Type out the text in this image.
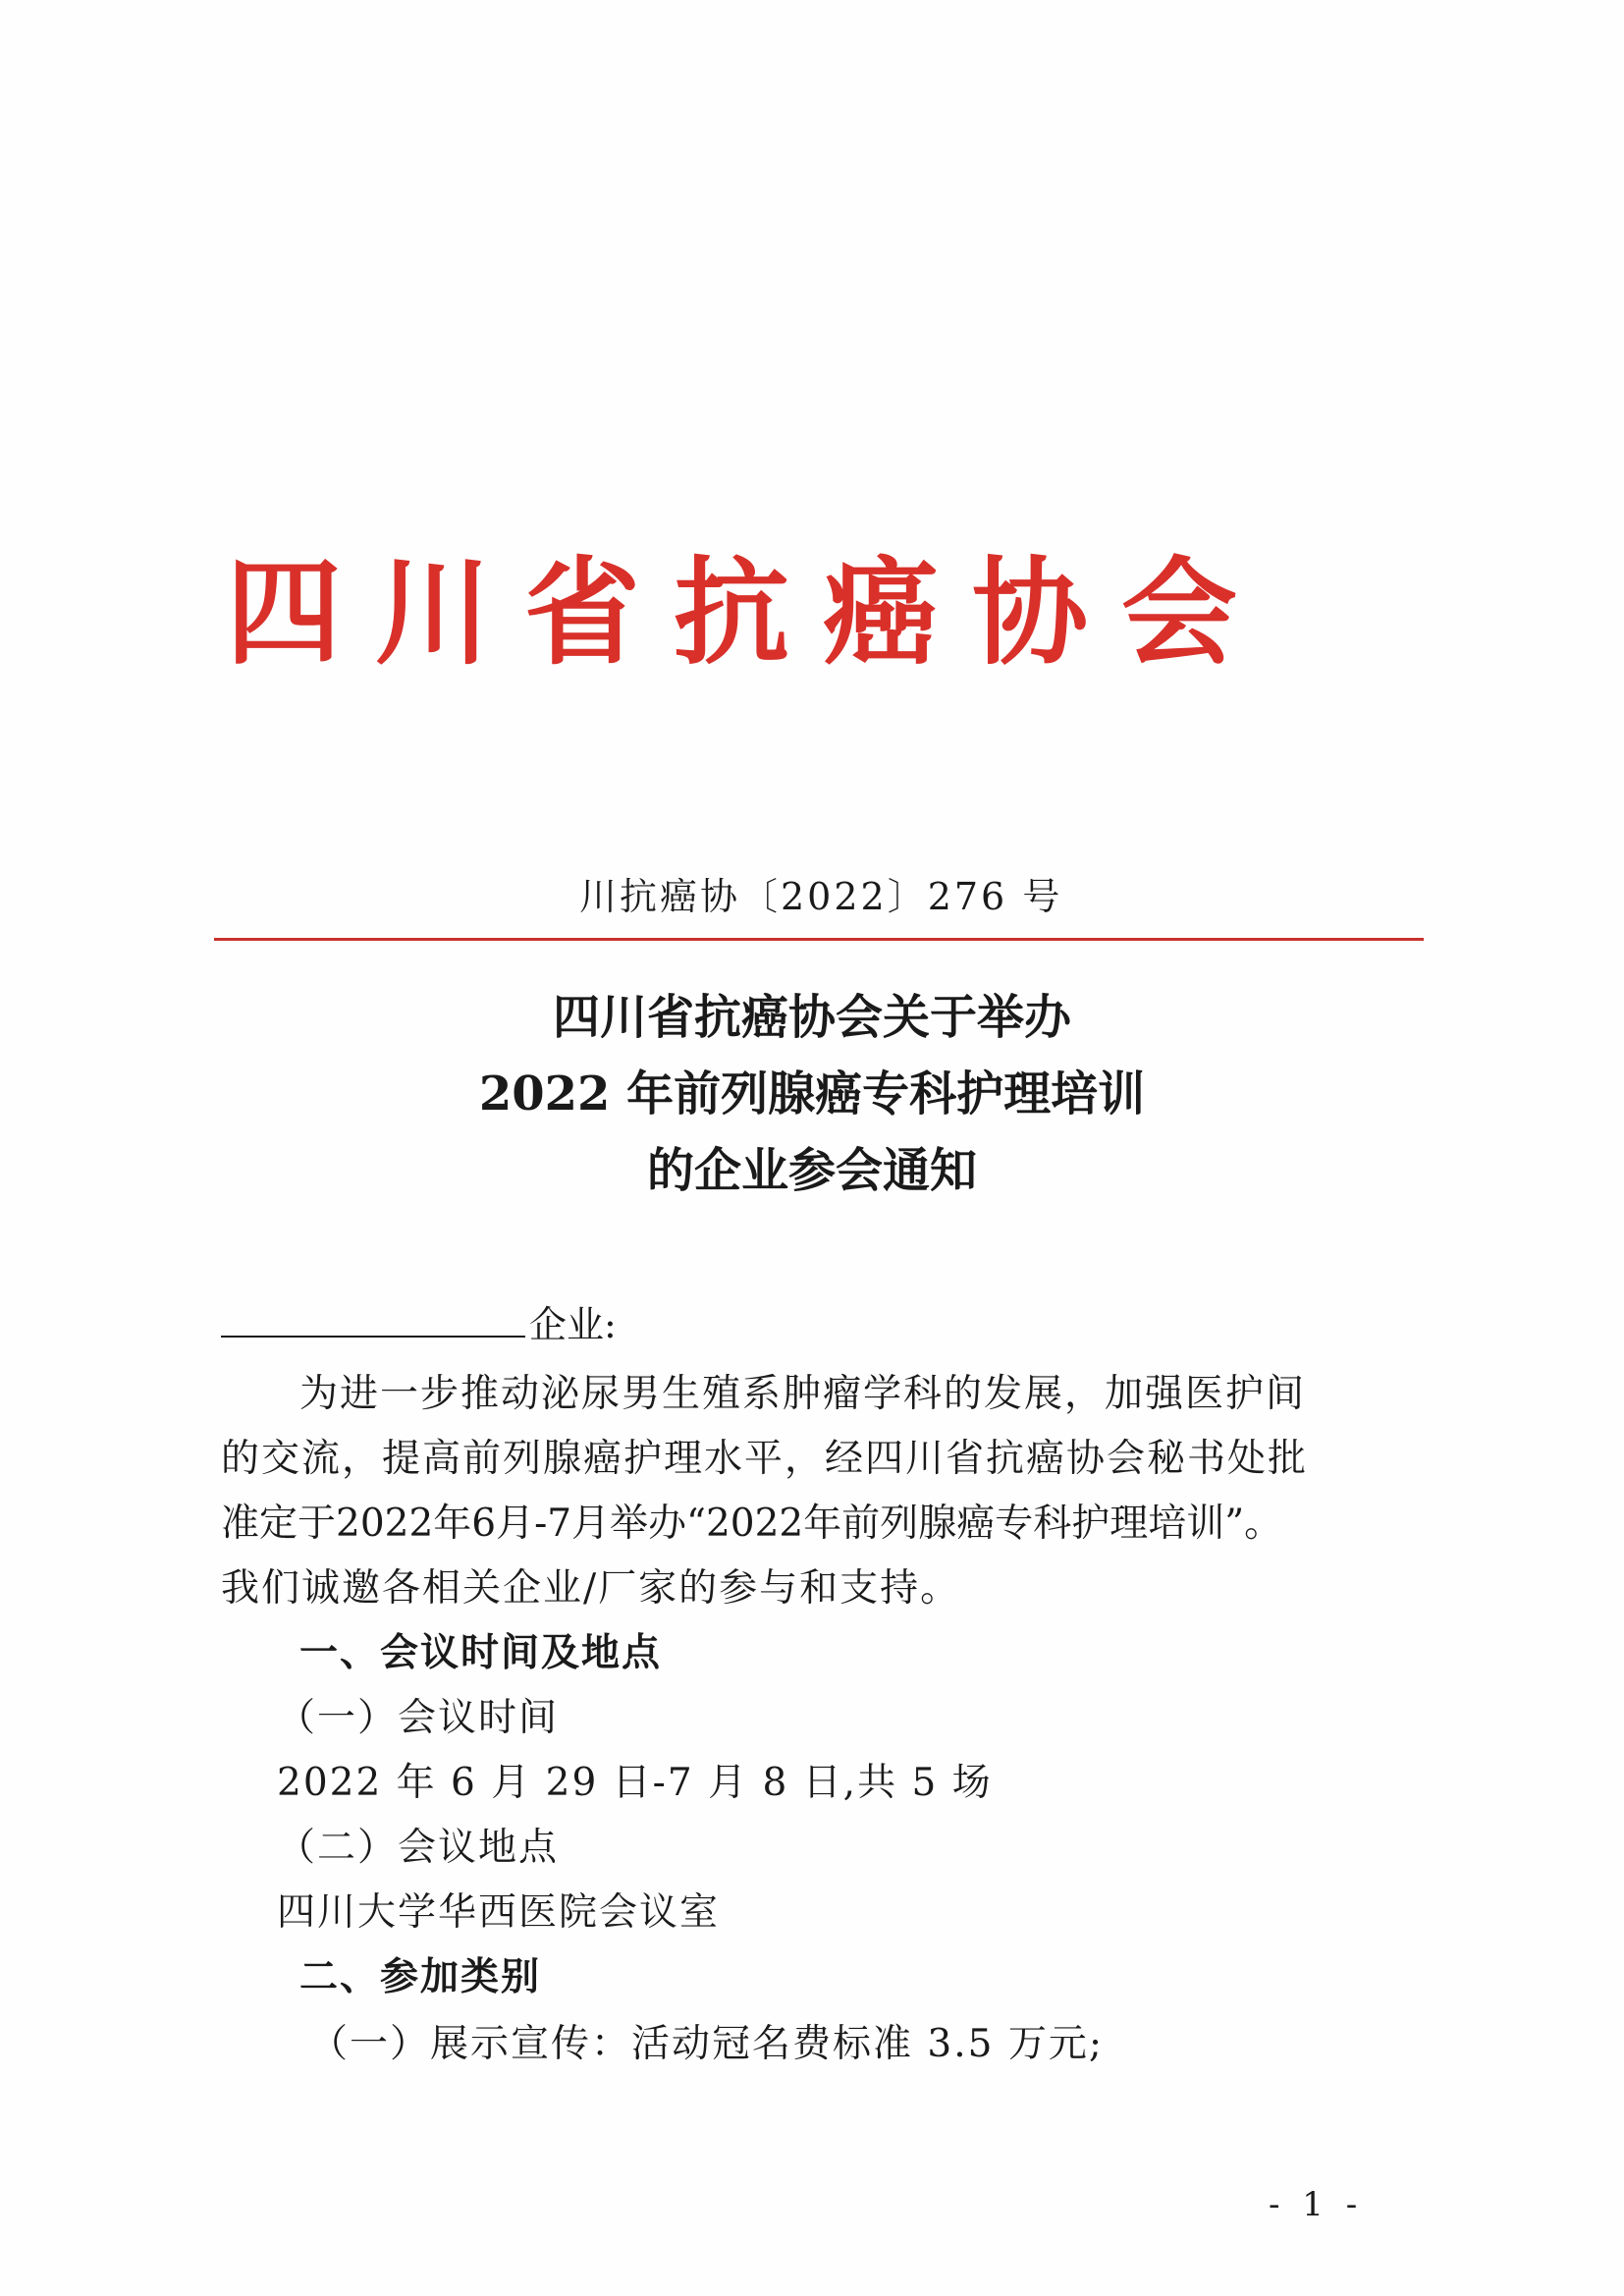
四川省抗癌协会
川抗癌协〔2022〕276 号
四川省抗癌协会关于举办
2022 年前列腺癌专科护理培训
的企业参会通知
企业:
为进一步推动泌尿男生殖系肿瘤学科的发展，加强医护间
的交流，提高前列腺癌护理水平，经四川省抗癌协会秘书处批
准定于2022年6月-7月举办“2022年前列腺癌专科护理培训”。
我们诚邀各相关企业/厂家的参与和支持。
一、会议时间及地点
（一）会议时间
2022 年 6 月 29 日-7 月 8 日,共 5 场
（二）会议地点
四川大学华西医院会议室
二、参加类别
（一）展示宣传：活动冠名费标准 3.5 万元;
- 1 -
